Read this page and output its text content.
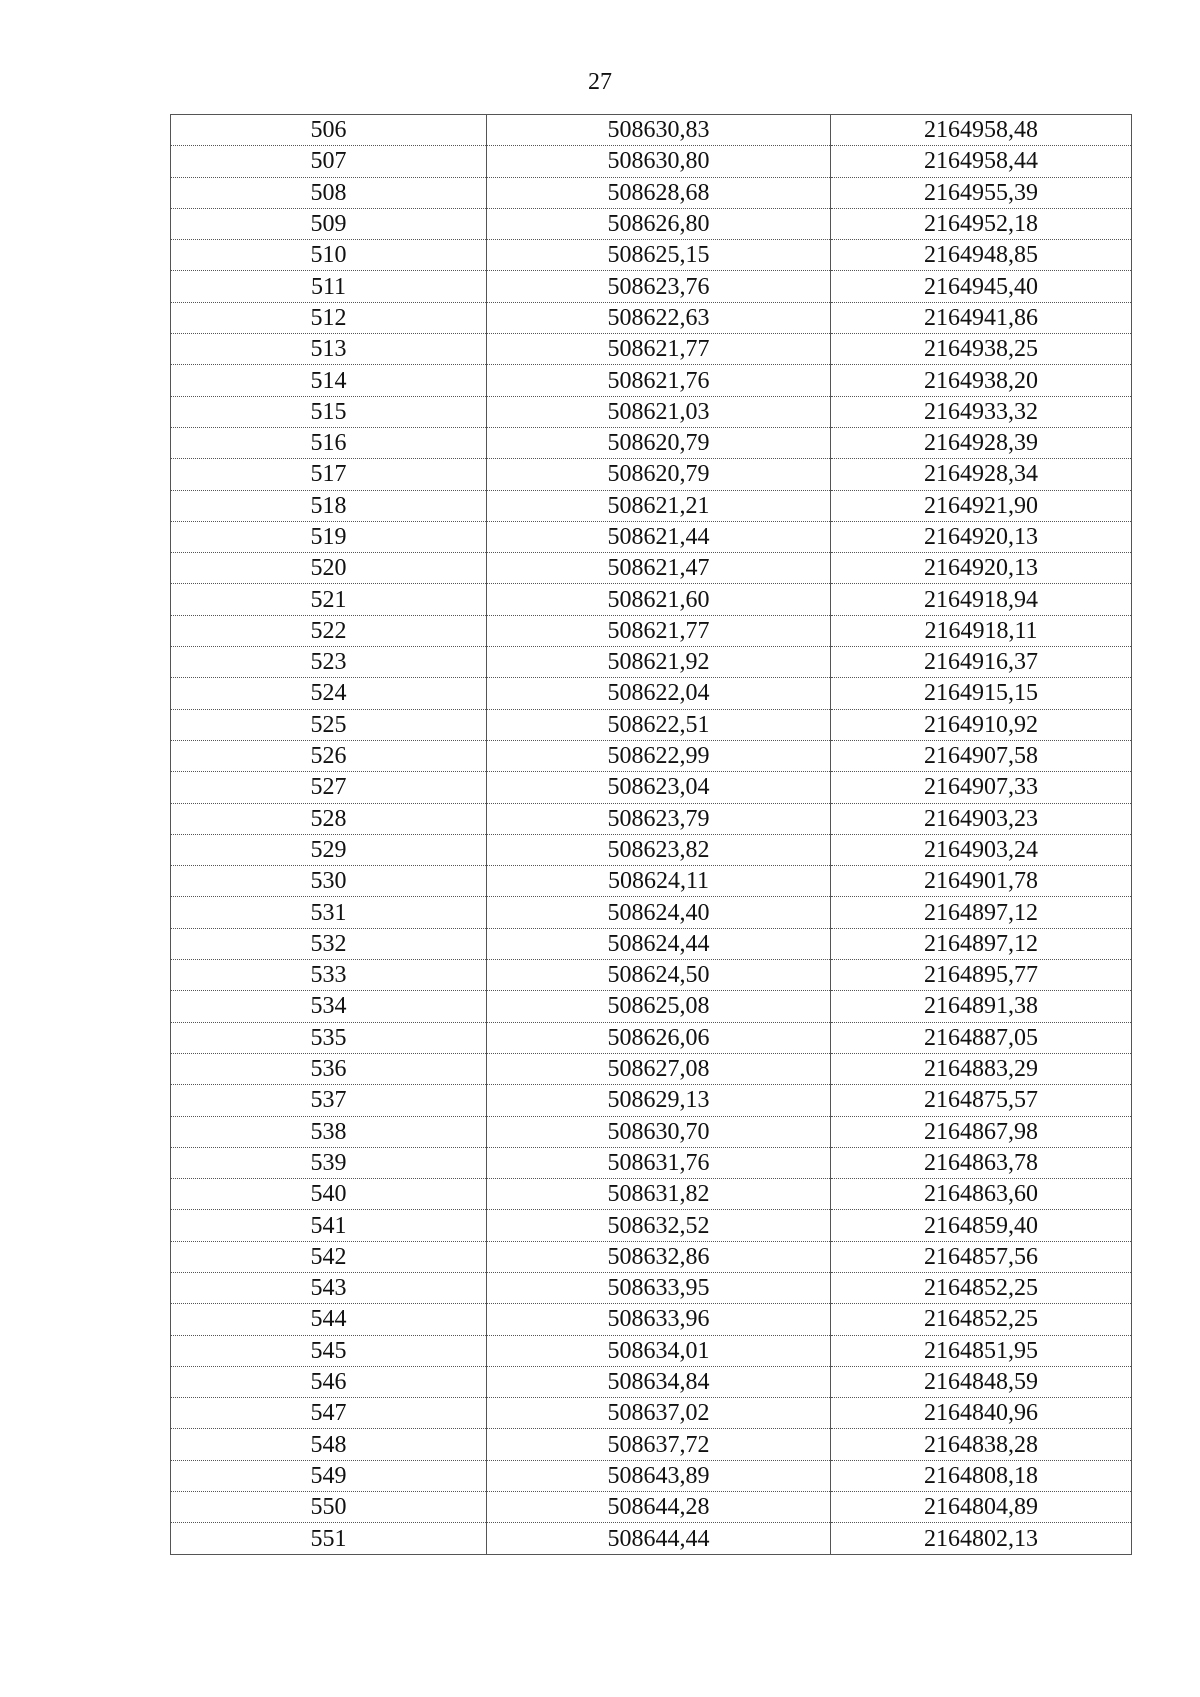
27
506	508630,83	2164958,48
507	508630,80	2164958,44
508	508628,68	2164955,39
509	508626,80	2164952,18
510	508625,15	2164948,85
511	508623,76	2164945,40
512	508622,63	2164941,86
513	508621,77	2164938,25
514	508621,76	2164938,20
515	508621,03	2164933,32
516	508620,79	2164928,39
517	508620,79	2164928,34
518	508621,21	2164921,90
519	508621,44	2164920,13
520	508621,47	2164920,13
521	508621,60	2164918,94
522	508621,77	2164918,11
523	508621,92	2164916,37
524	508622,04	2164915,15
525	508622,51	2164910,92
526	508622,99	2164907,58
527	508623,04	2164907,33
528	508623,79	2164903,23
529	508623,82	2164903,24
530	508624,11	2164901,78
531	508624,40	2164897,12
532	508624,44	2164897,12
533	508624,50	2164895,77
534	508625,08	2164891,38
535	508626,06	2164887,05
536	508627,08	2164883,29
537	508629,13	2164875,57
538	508630,70	2164867,98
539	508631,76	2164863,78
540	508631,82	2164863,60
541	508632,52	2164859,40
542	508632,86	2164857,56
543	508633,95	2164852,25
544	508633,96	2164852,25
545	508634,01	2164851,95
546	508634,84	2164848,59
547	508637,02	2164840,96
548	508637,72	2164838,28
549	508643,89	2164808,18
550	508644,28	2164804,89
551	508644,44	2164802,13
